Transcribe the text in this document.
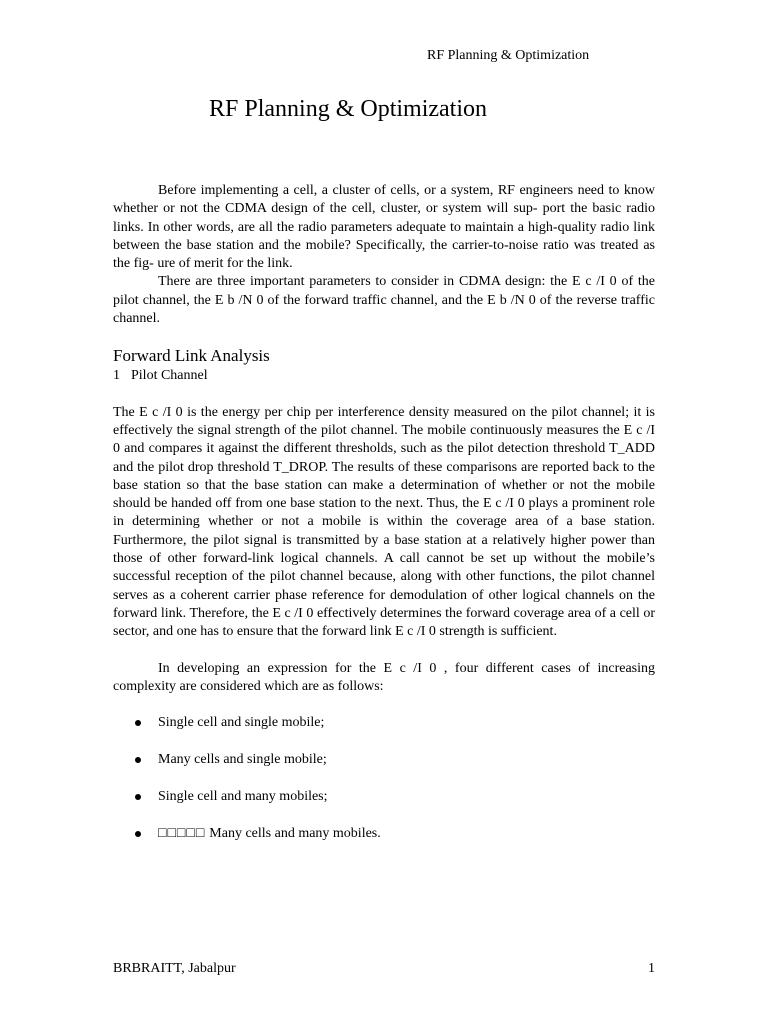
RF Planning & Optimization
RF Planning & Optimization

Before implementing a cell, a cluster of cells, or a system, RF engineers need to know whether or not the CDMA design of the cell, cluster, or system will sup- port the basic radio links. In other words, are all the radio parameters adequate to maintain a high-quality radio link between the base station and the mobile? Specifically, the carrier-to-noise ratio was treated as the fig- ure of merit for the link.

There are three important parameters to consider in CDMA design: the E c /I 0 of the pilot channel, the E b /N 0 of the forward traffic channel, and the E b /N 0 of the reverse traffic channel.

Forward Link Analysis

1 Pilot Channel

The E c /I 0 is the energy per chip per interference density measured on the pilot channel; it is effectively the signal strength of the pilot channel. The mobile continuously measures the E c /I 0 and compares it against the different thresholds, such as the pilot detection threshold T_ADD and the pilot drop threshold T_DROP. The results of these comparisons are reported back to the base station so that the base station can make a determination of whether or not the mobile should be handed off from one base station to the next. Thus, the E c /I 0 plays a prominent role in determining whether or not a mobile is within the coverage area of a base station. Furthermore, the pilot signal is transmitted by a base station at a relatively higher power than those of other forward-link logical channels. A call cannot be set up without the mobile’s successful reception of the pilot channel because, along with other functions, the pilot channel serves as a coherent carrier phase reference for demodulation of other logical channels on the forward link. Therefore, the E c /I 0 effectively determines the forward coverage area of a cell or sector, and one has to ensure that the forward link E c /I 0 strength is sufficient.

In developing an expression for the E c /I 0 , four different cases of increasing complexity are considered which are as follows:

Single cell and single mobile;
Many cells and single mobile;
Single cell and many mobiles;
□□□□□ Many cells and many mobiles.
BRBRAITT, Jabalpur	1
